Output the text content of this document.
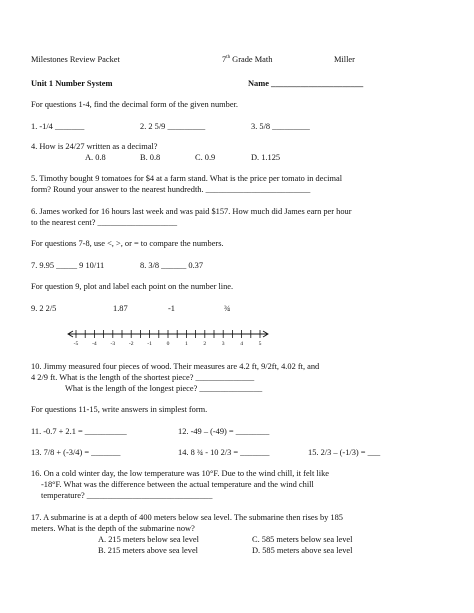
Milestones Review Packet	7th Grade Math	Miller
Unit 1 Number System	Name ______________________
For questions 1-4, find the decimal form of the given number.
1. -1/4 _______	2. 2 5/9 _________	3. 5/8 _________
4. How is 24/27 written as a decimal?
A. 0.8	B. 0.8	C. 0.9	D. 1.125
5. Timothy bought 9 tomatoes for $4 at a farm stand. What is the price per tomato in decimal
form? Round your answer to the nearest hundredth. _________________________
6. James worked for 16 hours last week and was paid $157. How much did James earn per hour
to the nearest cent? ___________________
For questions 7-8, use <, >, or = to compare the numbers.
7. 9.95 _____ 9 10/11	8. 3/8 ______ 0.37
For question 9, plot and label each point on the number line.
9. 2 2/5	1.87	-1	¾
-5 -4 -3 -2 -1	0	1	2	3	4	5
10. Jimmy measured four pieces of wood. Their measures are 4.2 ft, 9/2ft, 4.02 ft, and
4 2/9 ft. What is the length of the shortest piece? ______________
What is the length of the longest piece? _______________
For questions 11-15, write answers in simplest form.
11. -0.7 + 2.1 = __________	12. -49 – (-49) = ________
13. 7/8 + (-3/4) = _______	14. 8 ¾ - 10 2/3 = _______	15. 2/3 – (-1/3) = ___
16. On a cold winter day, the low temperature was 10°F. Due to the wind chill, it felt like
-18°F. What was the difference between the actual temperature and the wind chill
temperature? ______________________________
17. A submarine is at a depth of 400 meters below sea level. The submarine then rises by 185
meters. What is the depth of the submarine now?
A. 215 meters below sea level	C. 585 meters below sea level
B. 215 meters above sea level	D. 585 meters above sea level
